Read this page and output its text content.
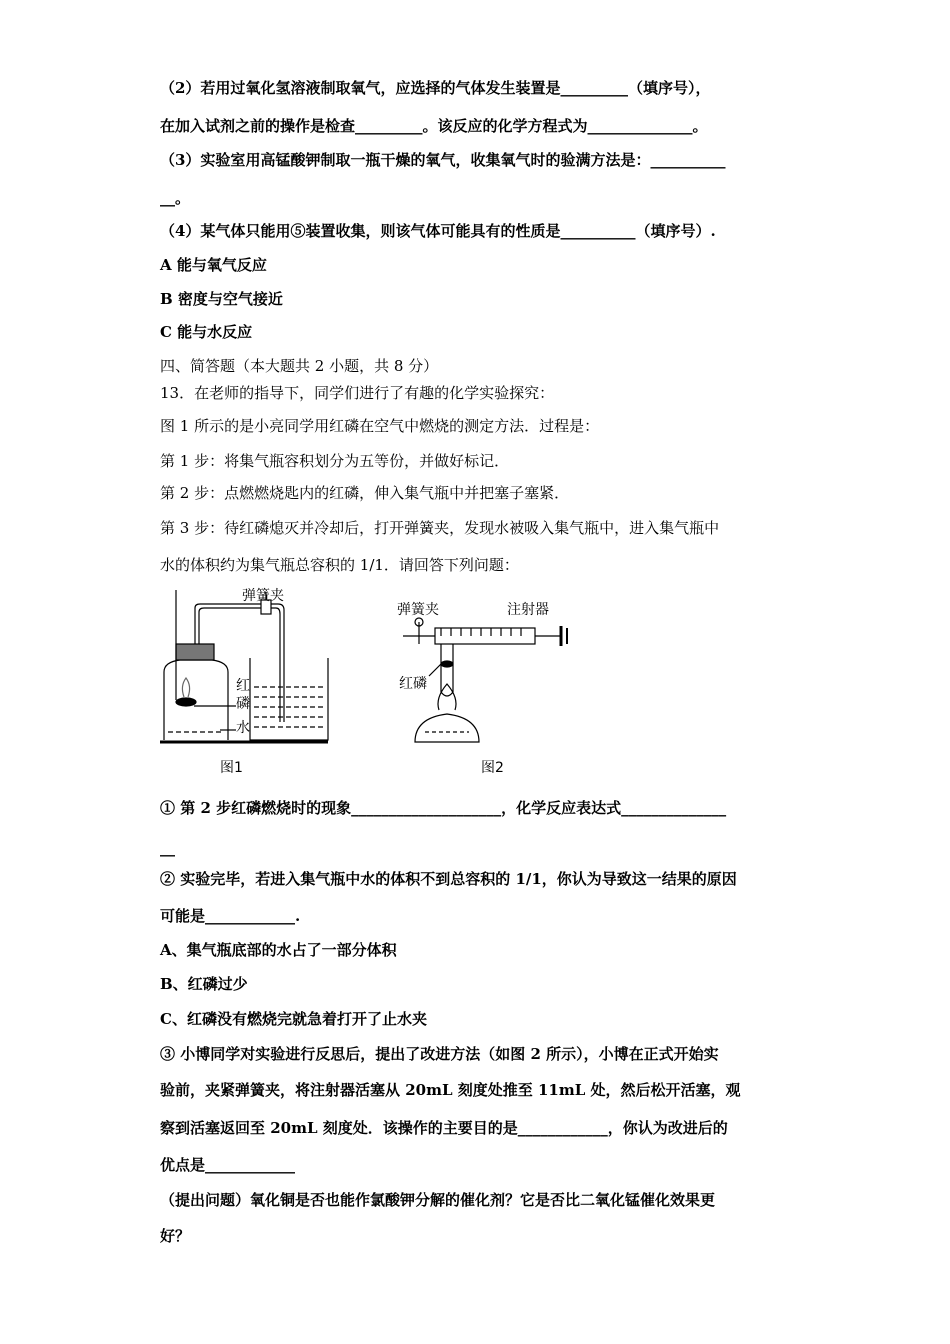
（2）若用过氧化氢溶液制取氧气，应选择的气体发生装置是_________（填序号），
在加入试剂之前的操作是检查_________。该反应的化学方程式为______________。
（3）实验室用高锰酸钾制取一瓶干燥的氧气，收集氧气时的验满方法是：__________
__。
（4）某气体只能用⑤装置收集，则该气体可能具有的性质是__________（填序号）.
A 能与氧气反应
B 密度与空气接近
C 能与水反应
四、简答题（本大题共 2 小题，共 8 分）
13．在老师的指导下，同学们进行了有趣的化学实验探究：
图 1 所示的是小亮同学用红磷在空气中燃烧的测定方法．过程是：
第 1 步：将集气瓶容积划分为五等份，并做好标记．
第 2 步：点燃燃烧匙内的红磷，伸入集气瓶中并把塞子塞紧．
第 3 步：待红磷熄灭并冷却后，打开弹簧夹，发现水被吸入集气瓶中，进入集气瓶中
水的体积约为集气瓶总容积的 1/1．请回答下列问题：
① 第 2 步红磷燃烧时的现象____________________，化学反应表达式______________
__
② 实验完毕，若进入集气瓶中水的体积不到总容积的 1/1，你认为导致这一结果的原因
可能是____________.
A、集气瓶底部的水占了一部分体积
B、红磷过少
C、红磷没有燃烧完就急着打开了止水夹
③ 小博同学对实验进行反思后，提出了改进方法（如图 2 所示），小博在正式开始实
验前，夹紧弹簧夹，将注射器活塞从 20mL 刻度处推至 11mL 处，然后松开活塞，观
察到活塞返回至 20mL 刻度处．该操作的主要目的是____________，你认为改进后的
优点是____________
（提出问题）氧化铜是否也能作氯酸钾分解的催化剂？它是否比二氧化锰催化效果更
好？
弹簧夹
红
磷
水
图1
弹簧夹	注射器
红磷
图2
